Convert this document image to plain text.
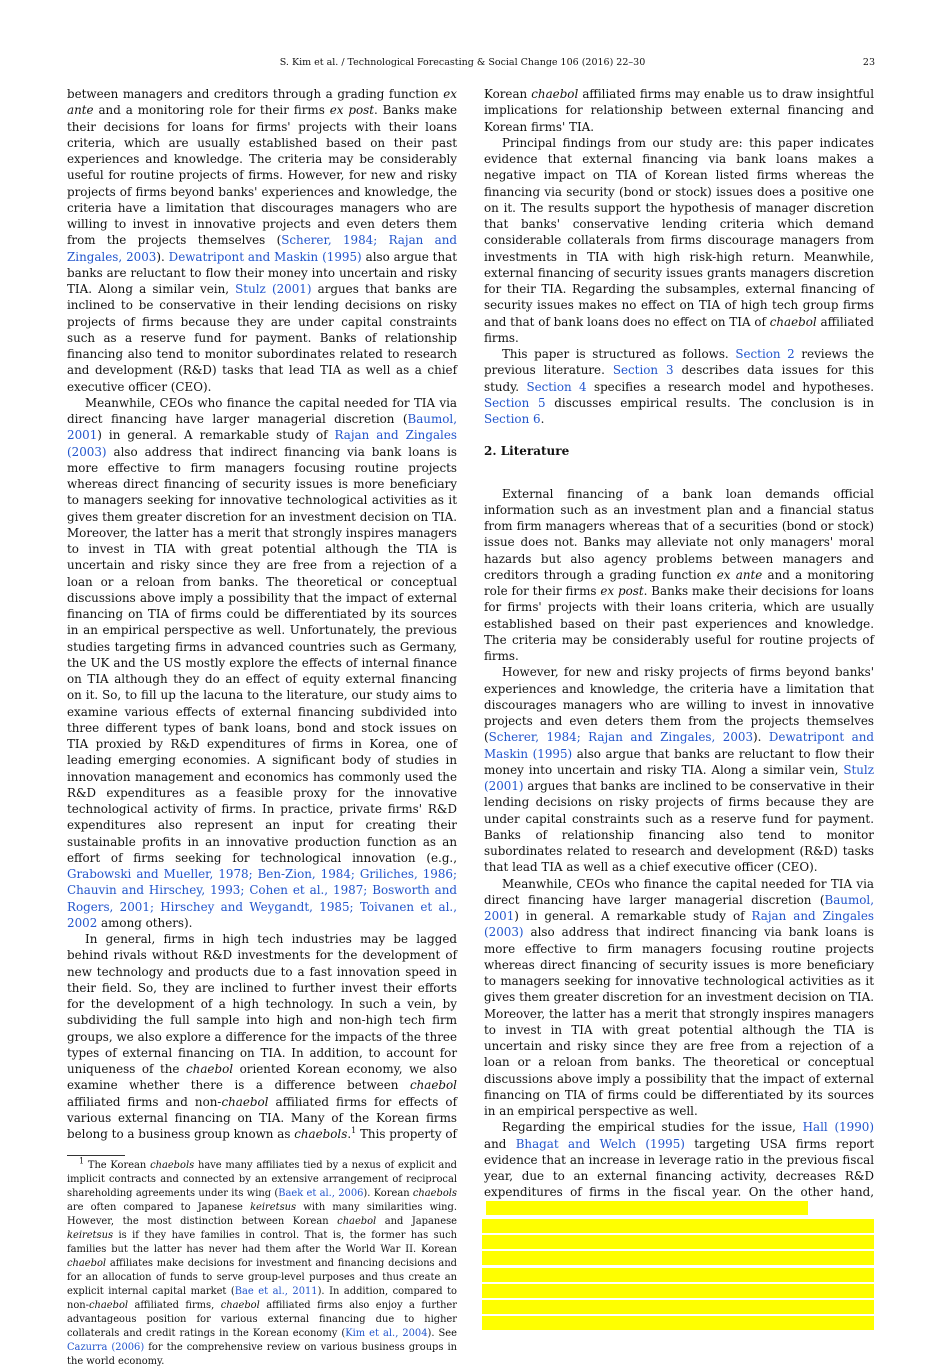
S. Kim et al. / Technological Forecasting & Social Change 106 (2016) 22–30	23

between managers and creditors through a grading function ex ante and a monitoring role for their firms ex post. Banks make their decisions for loans for firms' projects with their loans criteria, which are usually established based on their past experiences and knowledge. The criteria may be considerably useful for routine projects of firms. However, for new and risky projects of firms beyond banks' experiences and knowledge, the criteria have a limitation that discourages managers who are willing to invest in innovative projects and even deters them from the projects themselves (Scherer, 1984; Rajan and Zingales, 2003). Dewatripont and Maskin (1995) also argue that banks are reluctant to flow their money into uncertain and risky TIA. Along a similar vein, Stulz (2001) argues that banks are inclined to be conservative in their lending decisions on risky projects of firms because they are under capital constraints such as a reserve fund for payment. Banks of relationship financing also tend to monitor subordinates related to research and development (R&D) tasks that lead TIA as well as a chief executive officer (CEO).

Meanwhile, CEOs who finance the capital needed for TIA via direct financing have larger managerial discretion (Baumol, 2001) in general. A remarkable study of Rajan and Zingales (2003) also address that indirect financing via bank loans is more effective to firm managers focusing routine projects whereas direct financing of security issues is more beneficiary to managers seeking for innovative technological activities as it gives them greater discretion for an investment decision on TIA. Moreover, the latter has a merit that strongly inspires managers to invest in TIA with great potential although the TIA is uncertain and risky since they are free from a rejection of a loan or a reloan from banks. The theoretical or conceptual discussions above imply a possibility that the impact of external financing on TIA of firms could be differentiated by its sources in an empirical perspective as well. Unfortunately, the previous studies targeting firms in advanced countries such as Germany, the UK and the US mostly explore the effects of internal finance on TIA although they do an effect of equity external financing on it. So, to fill up the lacuna to the literature, our study aims to examine various effects of external financing subdivided into three different types of bank loans, bond and stock issues on TIA proxied by R&D expenditures of firms in Korea, one of leading emerging economies. A significant body of studies in innovation management and economics has commonly used the R&D expenditures as a feasible proxy for the innovative technological activity of firms. In practice, private firms' R&D expenditures also represent an input for creating their sustainable profits in an innovative production function as an effort of firms seeking for technological innovation (e.g., Grabowski and Mueller, 1978; Ben-Zion, 1984; Griliches, 1986; Chauvin and Hirschey, 1993; Cohen et al., 1987; Bosworth and Rogers, 2001; Hirschey and Weygandt, 1985; Toivanen et al., 2002 among others).

In general, firms in high tech industries may be lagged behind rivals without R&D investments for the development of new technology and products due to a fast innovation speed in their field. So, they are inclined to further invest their efforts for the development of a high technology. In such a vein, by subdividing the full sample into high and non-high tech firm groups, we also explore a difference for the impacts of the three types of external financing on TIA. In addition, to account for uniqueness of the chaebol oriented Korean economy, we also examine whether there is a difference between chaebol affiliated firms and non-chaebol affiliated firms for effects of various external financing on TIA. Many of the Korean firms belong to a business group known as chaebols.$^1$ This property of

$^1$ The Korean chaebols have many affiliates tied by a nexus of explicit and implicit contracts and connected by an extensive arrangement of reciprocal shareholding agreements under its wing (Baek et al., 2006). Korean chaebols are often compared to Japanese keiretsus with many similarities wing. However, the most distinction between Korean chaebol and Japanese keiretsus is if they have families in control. That is, the former has such families but the latter has never had them after the World War II. Korean chaebol affiliates make decisions for investment and financing decisions and for an allocation of funds to serve group-level purposes and thus create an explicit internal capital market (Bae et al., 2011). In addition, compared to non-chaebol affiliated firms, chaebol affiliated firms also enjoy a further advantageous position for various external financing due to higher collaterals and credit ratings in the Korean economy (Kim et al., 2004). See Cazurra (2006) for the comprehensive review on various business groups in the world economy.

Korean chaebol affiliated firms may enable us to draw insightful implications for relationship between external financing and Korean firms' TIA.

Principal findings from our study are: this paper indicates evidence that external financing via bank loans makes a negative impact on TIA of Korean listed firms whereas the financing via security (bond or stock) issues does a positive one on it. The results support the hypothesis of manager discretion that banks' conservative lending criteria which demand considerable collaterals from firms discourage managers from investments in TIA with high risk-high return. Meanwhile, external financing of security issues grants managers discretion for their TIA. Regarding the subsamples, external financing of security issues makes no effect on TIA of high tech group firms and that of bank loans does no effect on TIA of chaebol affiliated firms.

This paper is structured as follows. Section 2 reviews the previous literature. Section 3 describes data issues for this study. Section 4 specifies a research model and hypotheses. Section 5 discusses empirical results. The conclusion is in Section 6.

2. Literature

External financing of a bank loan demands official information such as an investment plan and a financial status from firm managers whereas that of a securities (bond or stock) issue does not. Banks may alleviate not only managers' moral hazards but also agency problems between managers and creditors through a grading function ex ante and a monitoring role for their firms ex post. Banks make their decisions for loans for firms' projects with their loans criteria, which are usually established based on their past experiences and knowledge. The criteria may be considerably useful for routine projects of firms.

However, for new and risky projects of firms beyond banks' experiences and knowledge, the criteria have a limitation that discourages managers who are willing to invest in innovative projects and even deters them from the projects themselves (Scherer, 1984; Rajan and Zingales, 2003). Dewatripont and Maskin (1995) also argue that banks are reluctant to flow their money into uncertain and risky TIA. Along a similar vein, Stulz (2001) argues that banks are inclined to be conservative in their lending decisions on risky projects of firms because they are under capital constraints such as a reserve fund for payment. Banks of relationship financing also tend to monitor subordinates related to research and development (R&D) tasks that lead TIA as well as a chief executive officer (CEO).

Meanwhile, CEOs who finance the capital needed for TIA via direct financing have larger managerial discretion (Baumol, 2001) in general. A remarkable study of Rajan and Zingales (2003) also address that indirect financing via bank loans is more effective to firm managers focusing routine projects whereas direct financing of security issues is more beneficiary to managers seeking for innovative technological activities as it gives them greater discretion for an investment decision on TIA. Moreover, the latter has a merit that strongly inspires managers to invest in TIA with great potential although the TIA is uncertain and risky since they are free from a rejection of a loan or a reloan from banks. The theoretical or conceptual discussions above imply a possibility that the impact of external financing on TIA of firms could be differentiated by its sources in an empirical perspective as well.

Regarding the empirical studies for the issue, Hall (1990) and Bhagat and Welch (1995) targeting USA firms report evidence that an increase in leverage ratio in the previous fiscal year, due to an external financing activity, decreases R&D expenditures of firms in the fiscal year. On the other hand,
